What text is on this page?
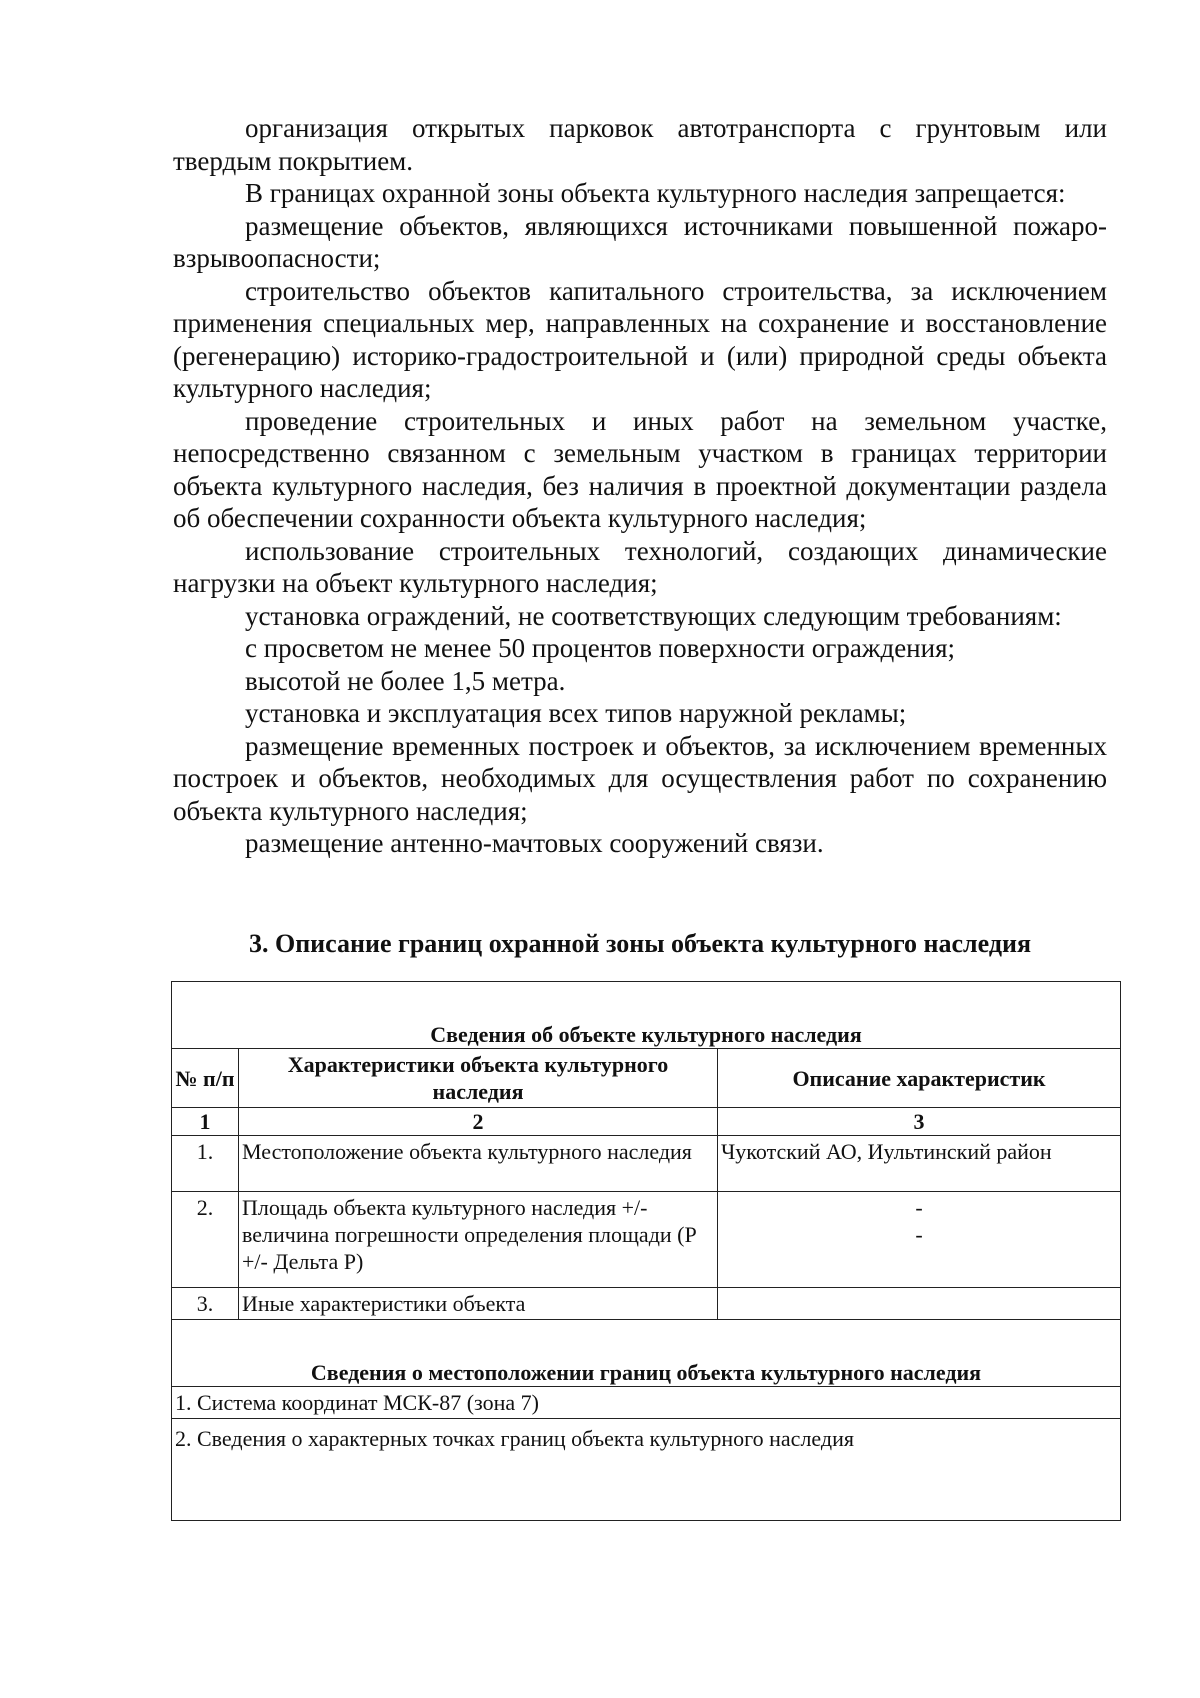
организация открытых парковок автотранспорта с грунтовым или твердым покрытием.

В границах охранной зоны объекта культурного наследия запрещается:

размещение объектов, являющихся источниками повышенной пожаро-взрывоопасности;

строительство объектов капитального строительства, за исключением применения специальных мер, направленных на сохранение и восстановление (регенерацию) историко-градостроительной и (или) природной среды объекта культурного наследия;

проведение строительных и иных работ на земельном участке, непосредственно связанном с земельным участком в границах территории объекта культурного наследия, без наличия в проектной документации раздела об обеспечении сохранности объекта культурного наследия;

использование строительных технологий, создающих динамические нагрузки на объект культурного наследия;

установка ограждений, не соответствующих следующим требованиям:

с просветом не менее 50 процентов поверхности ограждения;

высотой не более 1,5 метра.

установка и эксплуатация всех типов наружной рекламы;

размещение временных построек и объектов, за исключением временных построек и объектов, необходимых для осуществления работ по сохранению объекта культурного наследия;

размещение антенно-мачтовых сооружений связи.

3. Описание границ охранной зоны объекта культурного наследия
Сведения об объекте культурного наследия		
№ п/п	Характеристики объекта культурного наследия	Описание характеристик
1	2	3
1.	Местоположение объекта культурного наследия	Чукотский АО, Иультинский район
2.	Площадь объекта культурного наследия +/- величина погрешности определения площади (P +/- Дельта P)	-
-

3.	Иные характеристики объекта	
Сведения о местоположении границ объекта культурного наследия		
1. Система координат МСК-87 (зона 7)		
2. Сведения о характерных точках границ объекта культурного наследия		
